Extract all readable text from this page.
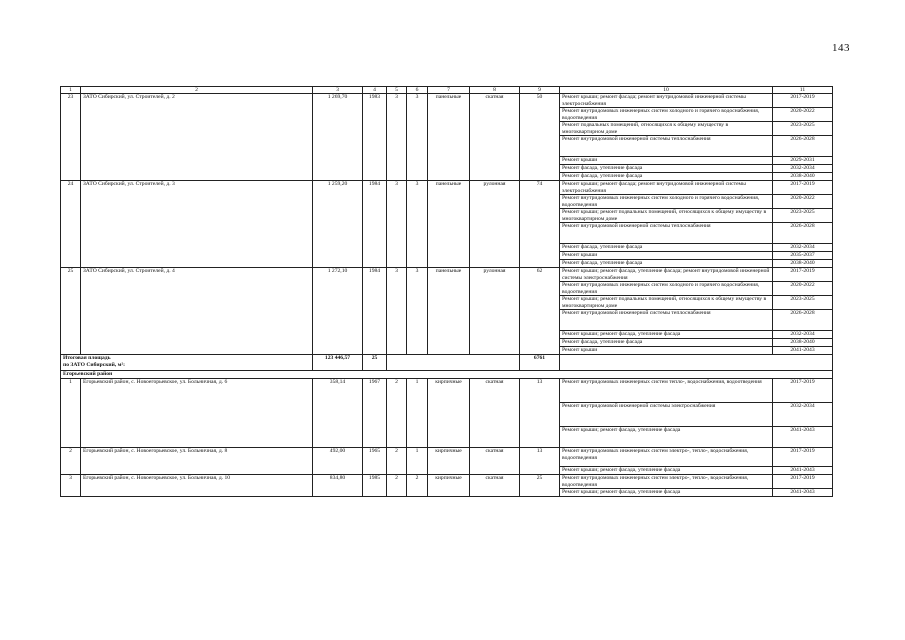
143
1	2	3	4	5	6	7	8	9	10	11
23	ЗАТО Сибирский, ул. Строителей, д. 2	1 269,70	1983	3	3	панельные	скатная	50	Ремонт крыши; ремонт фасада; ремонт внутридомовой инженерной системы электроснабжения	2017-2019
									Ремонт внутридомовых инженерных систем холодного и горячего водоснабжения, водоотведения	2020-2022
									Ремонт подвальных помещений, относящихся к общему имуществу в многоквартирном доме	2023-2025
									Ремонт внутридомовой инженерной системы теплоснабжения	2026-2028
									Ремонт крыши	2029-2031
									Ремонт фасада, утепление фасада	2032-2034
									Ремонт фасада, утепление фасада	2038-2040
24	ЗАТО Сибирский, ул. Строителей, д. 3	1 259,20	1984	3	3	панельные	рулонная	74	Ремонт крыши; ремонт фасада; ремонт внутридомовой инженерной системы электроснабжения	2017-2019
									Ремонт внутридомовых инженерных систем холодного и горячего водоснабжения, водоотведения	2020-2022
									Ремонт крыши; ремонт подвальных помещений, относящихся к общему имуществу в многоквартирном доме	2023-2025
									Ремонт внутридомовой инженерной системы теплоснабжения	2026-2028
									Ремонт фасада, утепление фасада	2032-2034
									Ремонт крыши	2035-2037
									Ремонт фасада, утепление фасада	2038-2040
25	ЗАТО Сибирский, ул. Строителей, д. 4	1 272,10	1984	3	3	панельные	рулонная	62	Ремонт крыши; ремонт фасада, утепление фасада; ремонт внутридомовой инженерной системы электроснабжения	2017-2019
									Ремонт внутридомовых инженерных систем холодного и горячего водоснабжения, водоотведения	2020-2022
									Ремонт крыши; ремонт подвальных помещений, относящихся к общему имуществу в многоквартирном доме	2023-2025
									Ремонт внутридомовой инженерной системы теплоснабжения	2026-2028
									Ремонт крыши; ремонт фасада, утепление фасада	2032-2034
									Ремонт фасада, утепление фасада	2038-2040
									Ремонт крыши	2041-2043

Итоговая площадь
по ЗАТО Сибирский, м²:		123 446,57	25					6761		
Егорьевский район										
1	Егорьевский район, с. Новоегорьевское, ул. Больничная, д. 6	358,14	1967	2	1	кирпичные	скатная	13	Ремонт внутридомовых инженерных систем тепло-, водоснабжения, водоотведения	2017-2019
									Ремонт внутридомовой инженерной системы электроснабжения	2032-2034
									Ремонт крыши; ремонт фасада, утепление фасада	2041-2043
2	Егорьевский район, с. Новоегорьевское, ул. Больничная, д. 8	492,00	1965	2	1	кирпичные	скатная	13	Ремонт внутридомовых инженерных систем электро-, тепло-, водоснабжения, водоотведения	2017-2019
									Ремонт крыши; ремонт фасада, утепление фасада	2041-2043
3	Егорьевский район, с. Новоегорьевское, ул. Больничная, д. 10	834,80	1985	2	2	кирпичные	скатная	25	Ремонт внутридомовых инженерных систем электро-, тепло-, водоснабжения, водоотведения	2017-2019
									Ремонт крыши; ремонт фасада, утепление фасада	2041-2043
